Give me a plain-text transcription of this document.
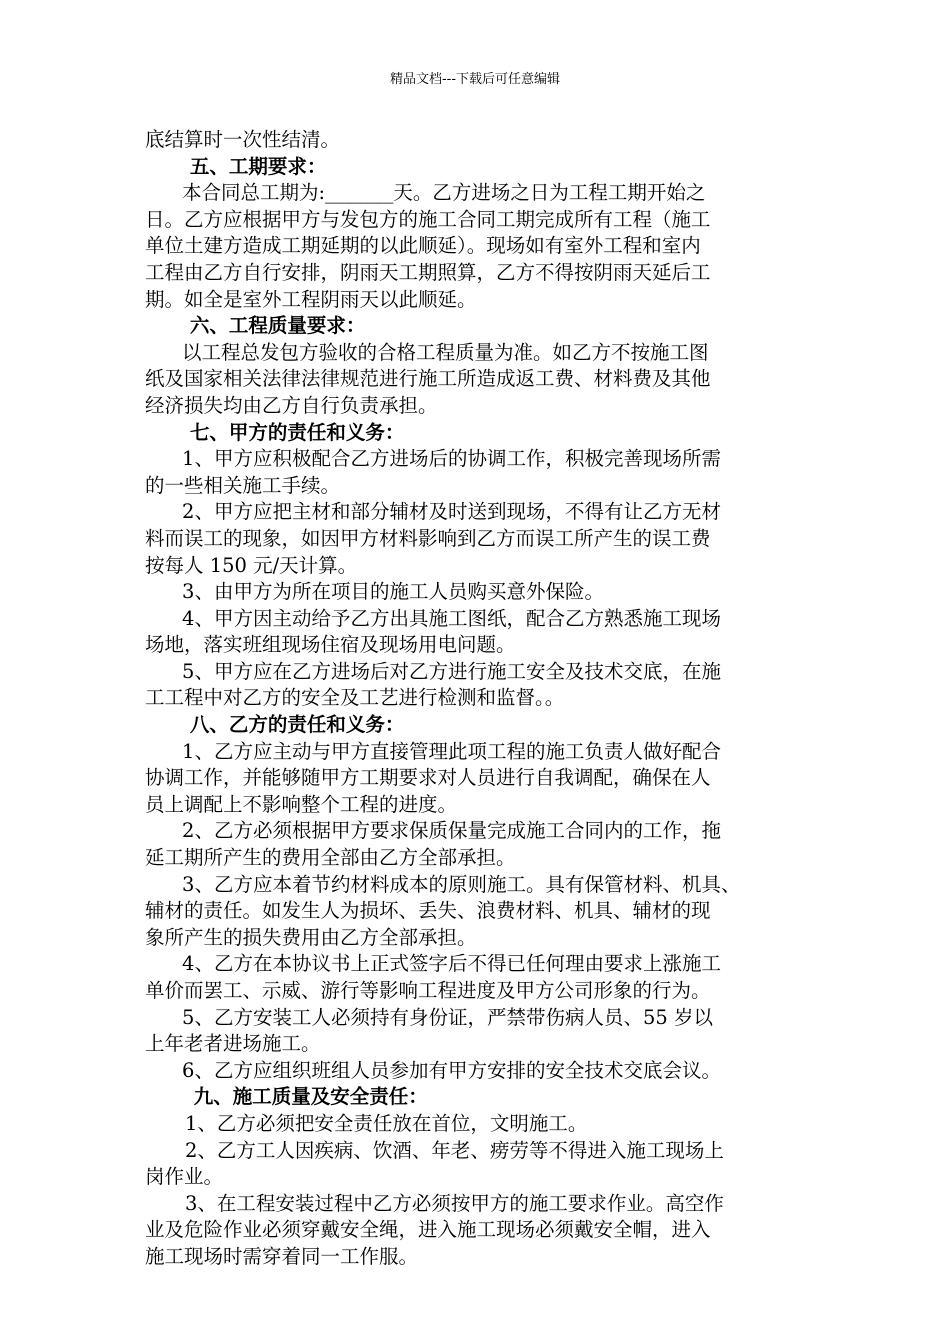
精品文档---下载后可任意编辑

底结算时一次性结清。

五、工期要求：

本合同总工期为:_______天。乙方进场之日为工程工期开始之

日。乙方应根据甲方与发包方的施工合同工期完成所有工程（施工

单位土建方造成工期延期的以此顺延）。现场如有室外工程和室内

工程由乙方自行安排，阴雨天工期照算，乙方不得按阴雨天延后工

期。如全是室外工程阴雨天以此顺延。

六、工程质量要求：

以工程总发包方验收的合格工程质量为准。如乙方不按施工图

纸及国家相关法律法律规范进行施工所造成返工费、材料费及其他

经济损失均由乙方自行负责承担。

七、甲方的责任和义务：

1、甲方应积极配合乙方进场后的协调工作，积极完善现场所需

的一些相关施工手续。

2、甲方应把主材和部分辅材及时送到现场，不得有让乙方无材

料而误工的现象，如因甲方材料影响到乙方而误工所产生的误工费

按每人 150 元/天计算。

3、由甲方为所在项目的施工人员购买意外保险。

4、甲方因主动给予乙方出具施工图纸，配合乙方熟悉施工现场

场地，落实班组现场住宿及现场用电问题。

5、甲方应在乙方进场后对乙方进行施工安全及技术交底，在施

工工程中对乙方的安全及工艺进行检测和监督。。

八、乙方的责任和义务：

1、乙方应主动与甲方直接管理此项工程的施工负责人做好配合

协调工作，并能够随甲方工期要求对人员进行自我调配，确保在人

员上调配上不影响整个工程的进度。

2、乙方必须根据甲方要求保质保量完成施工合同内的工作，拖

延工期所产生的费用全部由乙方全部承担。

3、乙方应本着节约材料成本的原则施工。具有保管材料、机具、

辅材的责任。如发生人为损坏、丢失、浪费材料、机具、辅材的现

象所产生的损失费用由乙方全部承担。

4、乙方在本协议书上正式签字后不得已任何理由要求上涨施工

单价而罢工、示威、游行等影响工程进度及甲方公司形象的行为。

5、乙方安装工人必须持有身份证，严禁带伤病人员、55 岁以

上年老者进场施工。

6、乙方应组织班组人员参加有甲方安排的安全技术交底会议。

九、施工质量及安全责任：

1、乙方必须把安全责任放在首位，文明施工。

2、乙方工人因疾病、饮酒、年老、痨劳等不得进入施工现场上

岗作业。

3、在工程安装过程中乙方必须按甲方的施工要求作业。高空作

业及危险作业必须穿戴安全绳，进入施工现场必须戴安全帽，进入

施工现场时需穿着同一工作服。
